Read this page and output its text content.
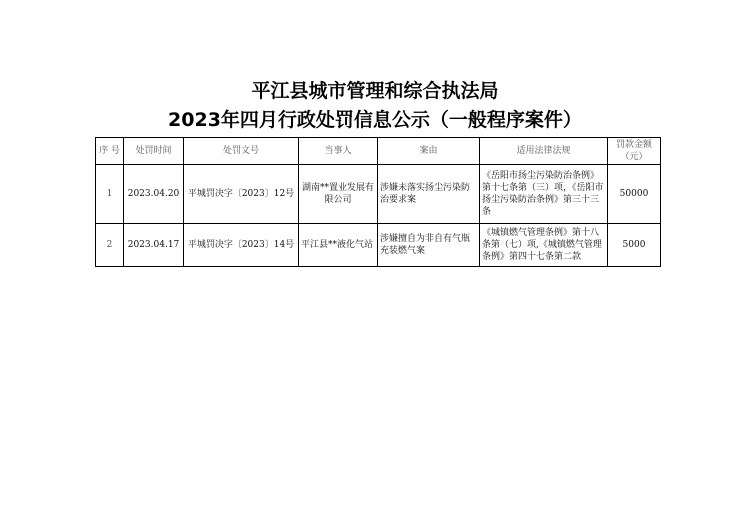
平江县城市管理和综合执法局
2023年四月行政处罚信息公示（一般程序案件）
序 号	处罚时间	处罚文号	当事人	案由	适用法律法规	罚款金额（元）
1	2023.04.20	平城罚决字〔2023〕12号	湖南**置业发展有限公司	涉嫌未落实扬尘污染防治要求案	《岳阳市扬尘污染防治条例》第十七条第（三）项，《岳阳市扬尘污染防治条例》第三十三条	50000
2	2023.04.17	平城罚决字〔2023〕14号	平江县**液化气站	涉嫌擅自为非自有气瓶充装燃气案	《城镇燃气管理条例》第十八条第（七）项,《城镇燃气管理条例》第四十七条第二款	5000
